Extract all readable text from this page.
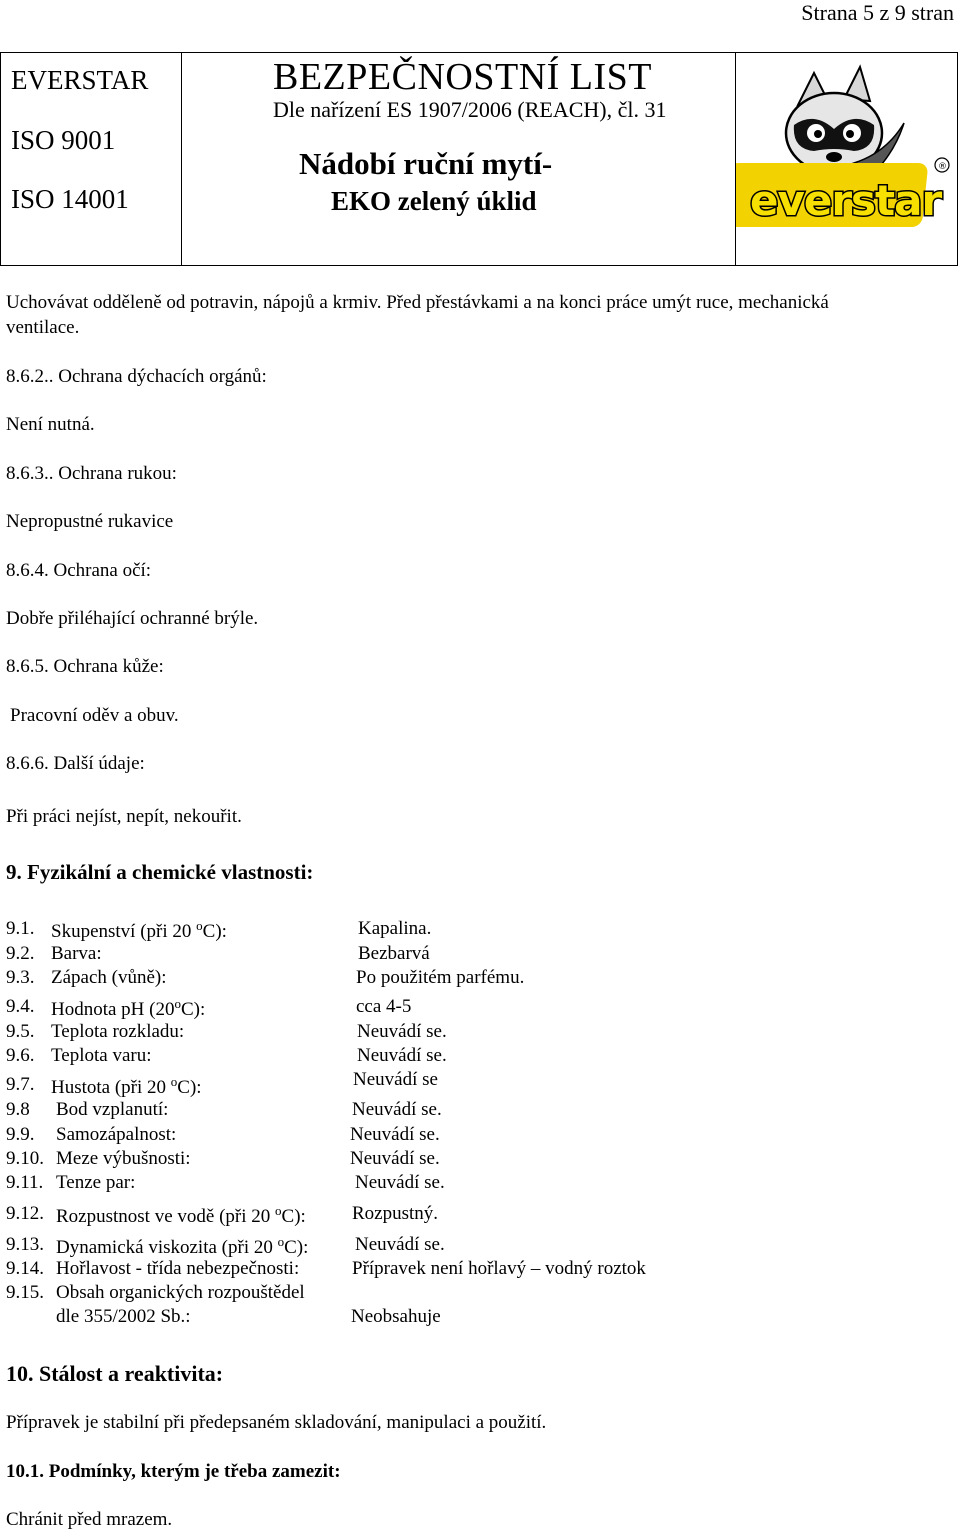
Strana 5 z 9 stran
EVERSTAR
ISO 9001
ISO 14001
BEZPEČNOSTNÍ LIST
Dle nařízení ES 1907/2006 (REACH), čl. 31
Nádobí ruční mytí-
EKO zelený úklid	everstar
®
Uchovávat odděleně od potravin, nápojů a krmiv. Před přestávkami a na konci práce umýt ruce, mechanická
ventilace.
8.6.2.. Ochrana dýchacích orgánů:
Není nutná.
8.6.3.. Ochrana rukou:
Nepropustné rukavice
8.6.4. Ochrana očí:
Dobře přiléhající ochranné brýle.
8.6.5. Ochrana kůže:
Pracovní oděv a obuv.
8.6.6. Další údaje:
Při práci nejíst, nepít, nekouřit.
9. Fyzikální a chemické vlastnosti:
9.1. Skupenství (při 20 $^o$C):	Kapalina.
9.2. Barva:	Bezbarvá
9.3. Zápach (vůně):	Po použitém parfému.
9.4. Hodnota pH (20$^o$C):	cca 4-5
9.5. Teplota rozkladu:	Neuvádí se.
9.6. Teplota varu:	Neuvádí se.
9.7. Hustota (při 20 $^o$C):	Neuvádí se
9.8 Bod vzplanutí:	Neuvádí se.
9.9. Samozápalnost:	Neuvádí se.
9.10. Meze výbušnosti:	Neuvádí se.
9.11. Tenze par:	Neuvádí se.
9.12. Rozpustnost ve vodě (při 20 $^o$C): Rozpustný.
9.13. Dynamická viskozita (při 20 $^o$C): Neuvádí se.
9.14. Hořlavost - třída nebezpečnosti:	Přípravek není hořlavý – vodný roztok
9.15. Obsah organických rozpouštědel
dle 355/2002 Sb.:	Neobsahuje
10. Stálost a reaktivita:
Přípravek je stabilní při předepsaném skladování, manipulaci a použití.
10.1. Podmínky, kterým je třeba zamezit:
Chránit před mrazem.
